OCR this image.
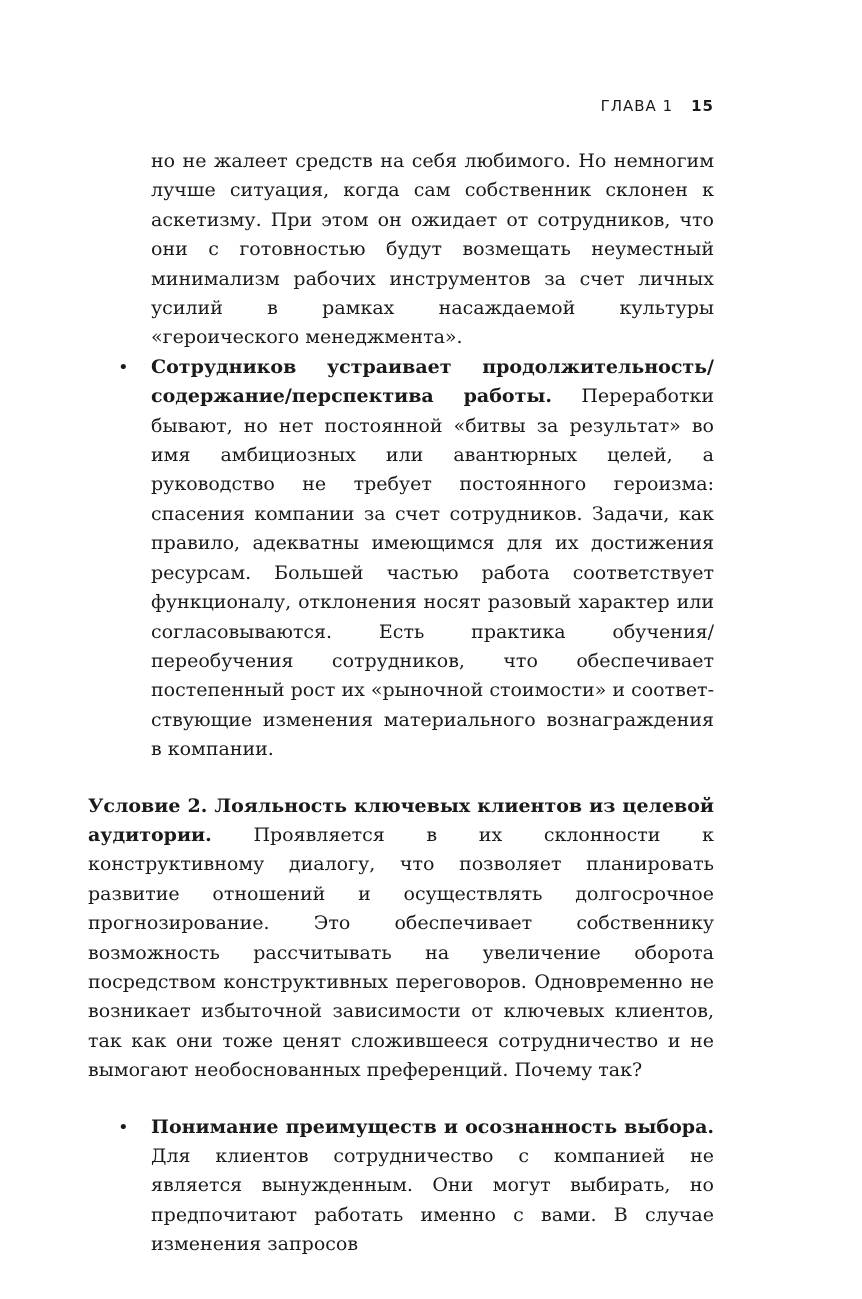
ГЛАВА 1 15

но не жалеет средств на себя любимого. Но немногим лучше ситуация, когда сам собственник склонен к аскетизму. При этом он ожидает от сотрудников, что они с готовностью будут возмещать неуместный минимализм рабочих инструментов за счет личных усилий в рамках насаждаемой культуры «героического менеджмента».

• Сотрудников устраивает продолжительность/содержание/перспектива работы. Переработки бывают, но нет постоянной «битвы за результат» во имя амбициозных или авантюрных целей, а руководство не требует постоянного героизма: спасения компании за счет сотрудников. Задачи, как правило, адекватны имеющимся для их достижения ресурсам. Большей частью работа соответствует функционалу, отклонения носят разовый характер или согласовываются. Есть практика обучения/переобучения сотрудников, что обеспечивает постепенный рост их «рыночной стоимости» и соответствующие изменения материального вознаграждения в компании.

Условие 2. Лояльность ключевых клиентов из целевой аудитории. Проявляется в их склонности к конструктивному диалогу, что позволяет планировать развитие отношений и осуществлять долгосрочное прогнозирование. Это обеспечивает собственнику возможность рассчитывать на увеличение оборота посредством конструктивных переговоров. Одновременно не возникает избыточной зависимости от ключевых клиентов, так как они тоже ценят сложившееся сотрудничество и не вымогают необоснованных преференций. Почему так?

• Понимание преимуществ и осознанность выбора. Для клиентов сотрудничество с компанией не является вынужденным. Они могут выбирать, но предпочитают работать именно с вами. В случае изменения запросов
